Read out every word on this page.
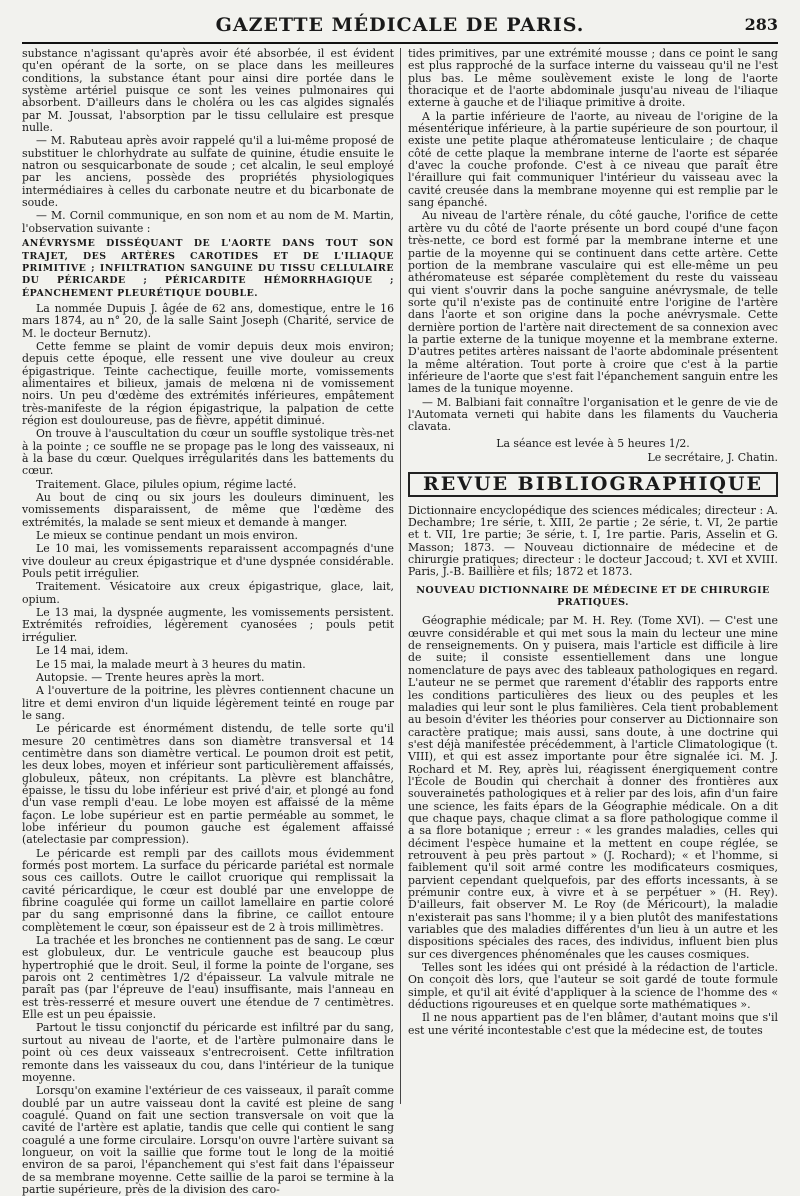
GAZETTE MÉDICALE DE PARIS.	283

substance n'agissant qu'après avoir été absorbée, il est évident qu'en opérant de la sorte, on se place dans les meilleures conditions, la substance étant pour ainsi dire portée dans le système artériel puisque ce sont les veines pulmonaires qui absorbent. D'ailleurs dans le choléra ou les cas algides signalés par M. Joussat, l'absorption par le tissu cellulaire est presque nulle.

— M. Rabuteau après avoir rappelé qu'il a lui-même proposé de substituer le chlorhydrate au sulfate de quinine, étudie ensuite le natron ou sesquicarbonate de soude ; cet alcalin, le seul employé par les anciens, possède des propriétés physiologiques intermédiaires à celles du carbonate neutre et du bicarbonate de soude.

— M. Cornil communique, en son nom et au nom de M. Martin, l'observation suivante :

ANÉVRYSME DISSÉQUANT DE L'AORTE DANS TOUT SON TRAJET, DES ARTÈRES CAROTIDES ET DE L'ILIAQUE PRIMITIVE ; INFILTRATION SANGUINE DU TISSU CELLULAIRE DU PÉRICARDE ; PÉRICARDITE HÉMORRHAGIQUE ; ÉPANCHEMENT PLEURÉTIQUE DOUBLE.

La nommée Dupuis J. âgée de 62 ans, domestique, entre le 16 mars 1874, au n° 20, de la salle Saint Joseph (Charité, service de M. le docteur Bernutz).

Cette femme se plaint de vomir depuis deux mois environ; depuis cette époque, elle ressent une vive douleur au creux épigastrique. Teinte cachectique, feuille morte, vomissements alimentaires et bilieux, jamais de melœna ni de vomissement noirs. Un peu d'œdème des extrémités inférieures, empâtement très-manifeste de la région épigastrique, la palpation de cette région est douloureuse, pas de fièvre, appétit diminué.

On trouve à l'auscultation du cœur un souffle systolique très-net à la pointe ; ce souffle ne se propage pas le long des vaisseaux, ni à la base du cœur. Quelques irrégularités dans les battements du cœur.

Traitement. Glace, pilules opium, régime lacté.

Au bout de cinq ou six jours les douleurs diminuent, les vomissements disparaissent, de même que l'œdème des extrémités, la malade se sent mieux et demande à manger.

Le mieux se continue pendant un mois environ.

Le 10 mai, les vomissements reparaissent accompagnés d'une vive douleur au creux épigastrique et d'une dyspnée considérable. Pouls petit irrégulier.

Traitement. Vésicatoire aux creux épigastrique, glace, lait, opium.

Le 13 mai, la dyspnée augmente, les vomissements persistent. Extrémités refroidies, légèrement cyanosées ; pouls petit irrégulier.

Le 14 mai, idem.

Le 15 mai, la malade meurt à 3 heures du matin.

Autopsie. — Trente heures après la mort.

A l'ouverture de la poitrine, les plèvres contiennent chacune un litre et demi environ d'un liquide légèrement teinté en rouge par le sang.

Le péricarde est énormément distendu, de telle sorte qu'il mesure 20 centimètres dans son diamètre transversal et 14 centimètre dans son diamètre vertical. Le poumon droit est petit, les deux lobes, moyen et inférieur sont particulièrement affaissés, globuleux, pâteux, non crépitants. La plèvre est blanchâtre, épaisse, le tissu du lobe inférieur est privé d'air, et plongé au fond d'un vase rempli d'eau. Le lobe moyen est affaissé de la même façon. Le lobe supérieur est en partie perméable au sommet, le lobe inférieur du poumon gauche est également affaissé (atelectasie par compression).

Le péricarde est rempli par des caillots mous évidemment formés post mortem. La surface du péricarde pariétal est normale sous ces caillots. Outre le caillot cruorique qui remplissait la cavité péricardique, le cœur est doublé par une enveloppe de fibrine coagulée qui forme un caillot lamellaire en partie coloré par du sang emprisonné dans la fibrine, ce caillot entoure complètement le cœur, son épaisseur est de 2 à trois millimètres.

La trachée et les bronches ne contiennent pas de sang. Le cœur est globuleux, dur. Le ventricule gauche est beaucoup plus hypertrophié que le droit. Seul, il forme la pointe de l'organe, ses parois ont 2 centimètres 1/2 d'épaisseur. La valvule mitrale ne paraît pas (par l'épreuve de l'eau) insuffisante, mais l'anneau en est très-resserré et mesure ouvert une étendue de 7 centimètres. Elle est un peu épaissie.

Partout le tissu conjonctif du péricarde est infiltré par du sang, surtout au niveau de l'aorte, et de l'artère pulmonaire dans le point où ces deux vaisseaux s'entrecroisent. Cette infiltration remonte dans les vaisseaux du cou, dans l'intérieur de la tunique moyenne.

Lorsqu'on examine l'extérieur de ces vaisseaux, il paraît comme doublé par un autre vaisseau dont la cavité est pleine de sang coagulé. Quand on fait une section transversale on voit que la cavité de l'artère est aplatie, tandis que celle qui contient le sang coagulé a une forme circulaire. Lorsqu'on ouvre l'artère suivant sa longueur, on voit la saillie que forme tout le long de la moitié environ de sa paroi, l'épanchement qui s'est fait dans l'épaisseur de sa membrane moyenne. Cette saillie de la paroi se termine à la partie supérieure, près de la division des caro-

tides primitives, par une extrémité mousse ; dans ce point le sang est plus rapproché de la surface interne du vaisseau qu'il ne l'est plus bas. Le même soulèvement existe le long de l'aorte thoracique et de l'aorte abdominale jusqu'au niveau de l'iliaque externe à gauche et de l'iliaque primitive à droite.

A la partie inférieure de l'aorte, au niveau de l'origine de la mésentérique inférieure, à la partie supérieure de son pourtour, il existe une petite plaque athéromateuse lenticulaire ; de chaque côté de cette plaque la membrane interne de l'aorte est séparée d'avec la couche profonde. C'est à ce niveau que paraît être l'éraillure qui fait communiquer l'intérieur du vaisseau avec la cavité creusée dans la membrane moyenne qui est remplie par le sang épanché.

Au niveau de l'artère rénale, du côté gauche, l'orifice de cette artère vu du côté de l'aorte présente un bord coupé d'une façon très-nette, ce bord est formé par la membrane interne et une partie de la moyenne qui se continuent dans cette artère. Cette portion de la membrane vasculaire qui est elle-même un peu athéromateuse est séparée complètement du reste du vaisseau qui vient s'ouvrir dans la poche sanguine anévrysmale, de telle sorte qu'il n'existe pas de continuité entre l'origine de l'artère dans l'aorte et son origine dans la poche anévrysmale. Cette dernière portion de l'artère nait directement de sa connexion avec la partie externe de la tunique moyenne et la membrane externe. D'autres petites artères naissant de l'aorte abdominale présentent la même altération. Tout porte à croire que c'est à la partie inférieure de l'aorte que s'est fait l'épanchement sanguin entre les lames de la tunique moyenne.

— M. Balbiani fait connaître l'organisation et le genre de vie de l'Automata verneti qui habite dans les filaments du Vaucheria clavata.

La séance est levée à 5 heures 1/2.

Le secrétaire, J. Chatin.

REVUE BIBLIOGRAPHIQUE

Dictionnaire encyclopédique des sciences médicales; directeur : A. Dechambre; 1re série, t. XIII, 2e partie ; 2e série, t. VI, 2e partie et t. VII, 1re partie; 3e série, t. I, 1re partie. Paris, Asselin et G. Masson; 1873. — Nouveau dictionnaire de médecine et de chirurgie pratiques; directeur : le docteur Jaccoud; t. XVI et XVIII. Paris, J.-B. Baillière et fils; 1872 et 1873.

NOUVEAU DICTIONNAIRE DE MÉDECINE ET DE CHIRURGIE PRATIQUES.

Géographie médicale; par M. H. Rey. (Tome XVI). — C'est une œuvre considérable et qui met sous la main du lecteur une mine de renseignements. On y puisera, mais l'article est difficile à lire de suite; il consiste essentiellement dans une longue nomenclature de pays avec des tableaux pathologiques en regard. L'auteur ne se permet que rarement d'établir des rapports entre les conditions particulières des lieux ou des peuples et les maladies qui leur sont le plus familières. Cela tient probablement au besoin d'éviter les théories pour conserver au Dictionnaire son caractère pratique; mais aussi, sans doute, à une doctrine qui s'est déjà manifestée précédemment, à l'article Climatologique (t. VIII), et qui est assez importante pour être signalée ici. M. J. Rochard et M. Rey, après lui, réagissent énergiquement contre l'École de Boudin qui cherchait à donner des frontières aux souverainetés pathologiques et à relier par des lois, afin d'un faire une science, les faits épars de la Géographie médicale. On a dit que chaque pays, chaque climat a sa flore pathologique comme il a sa flore botanique ; erreur : « les grandes maladies, celles qui déciment l'espèce humaine et la mettent en coupe réglée, se retrouvent à peu près partout » (J. Rochard); « et l'homme, si faiblement qu'il soit armé contre les modificateurs cosmiques, parvient cependant quelquefois, par des efforts incessants, à se prémunir contre eux, à vivre et à se perpétuer » (H. Rey). D'ailleurs, fait observer M. Le Roy (de Méricourt), la maladie n'existerait pas sans l'homme; il y a bien plutôt des manifestations variables que des maladies différentes d'un lieu à un autre et les dispositions spéciales des races, des individus, influent bien plus sur ces divergences phénoménales que les causes cosmiques.

Telles sont les idées qui ont présidé à la rédaction de l'article. On conçoit dès lors, que l'auteur se soit gardé de toute formule simple, et qu'il ait évité d'appliquer à la science de l'homme des « déductions rigoureuses et en quelque sorte mathématiques ».

Il ne nous appartient pas de l'en blâmer, d'autant moins que s'il est une vérité incontestable c'est que la médecine est, de toutes
